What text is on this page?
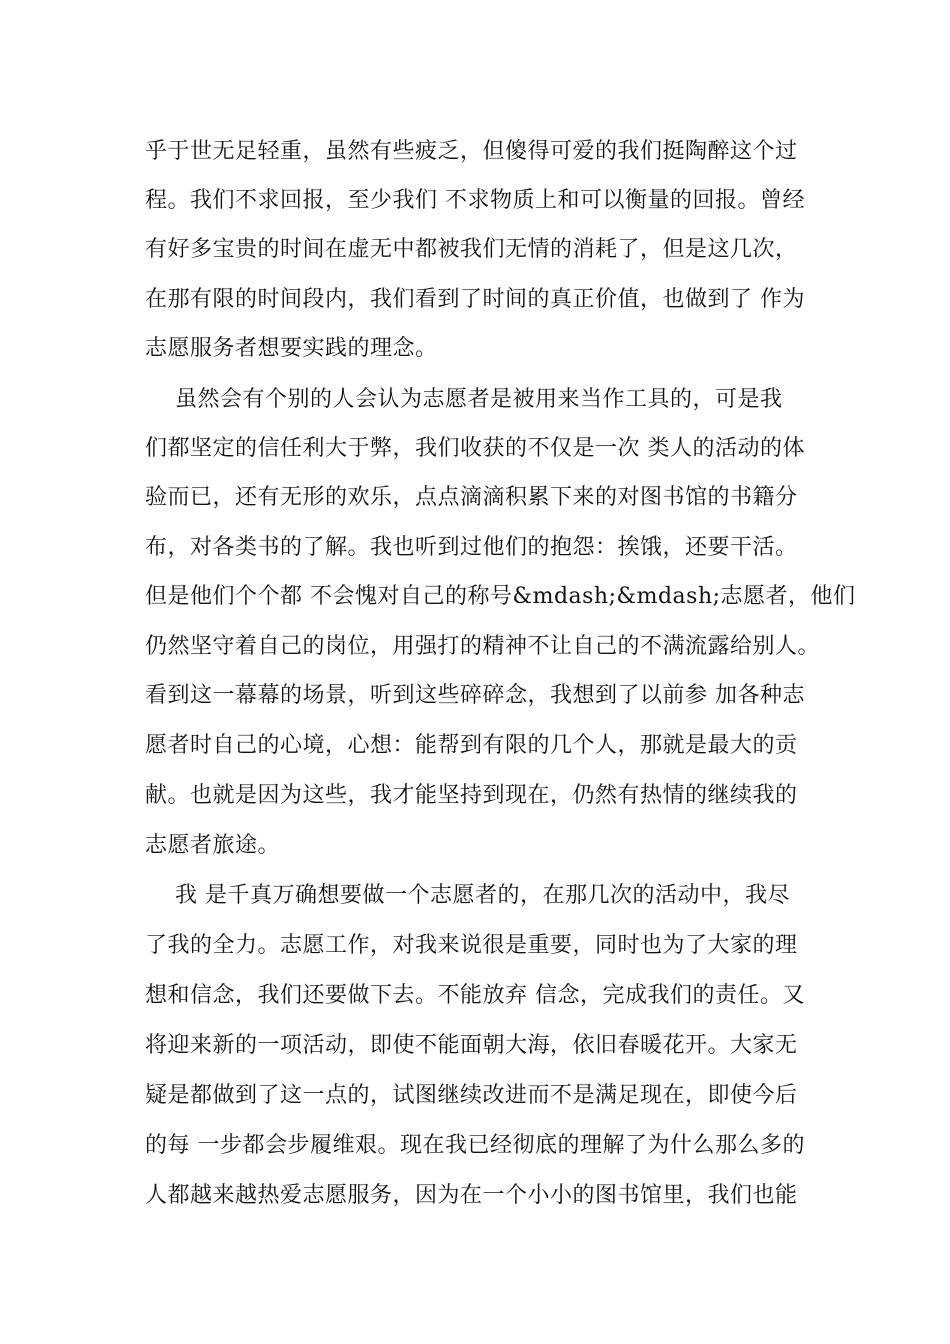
乎于世无足轻重，虽然有些疲乏，但傻得可爱的我们挺陶醉这个过
程。我们不求回报，至少我们 不求物质上和可以衡量的回报。曾经
有好多宝贵的时间在虚无中都被我们无情的消耗了，但是这几次，
在那有限的时间段内，我们看到了时间的真正价值，也做到了 作为
志愿服务者想要实践的理念。
虽然会有个别的人会认为志愿者是被用来当作工具的，可是我
们都坚定的信任利大于弊，我们收获的不仅是一次 类人的活动的体
验而已，还有无形的欢乐，点点滴滴积累下来的对图书馆的书籍分
布，对各类书的了解。我也听到过他们的抱怨：挨饿，还要干活。
但是他们个个都 不会愧对自己的称号&mdash;&mdash;志愿者，他们
仍然坚守着自己的岗位，用强打的精神不让自己的不满流露给别人。
看到这一幕幕的场景，听到这些碎碎念，我想到了以前参 加各种志
愿者时自己的心境，心想：能帮到有限的几个人，那就是最大的贡
献。也就是因为这些，我才能坚持到现在，仍然有热情的继续我的
志愿者旅途。
我 是千真万确想要做一个志愿者的，在那几次的活动中，我尽
了我的全力。志愿工作，对我来说很是重要，同时也为了大家的理
想和信念，我们还要做下去。不能放弃 信念，完成我们的责任。又
将迎来新的一项活动，即使不能面朝大海，依旧春暖花开。大家无
疑是都做到了这一点的，试图继续改进而不是满足现在，即使今后
的每 一步都会步履维艰。现在我已经彻底的理解了为什么那么多的
人都越来越热爱志愿服务，因为在一个小小的图书馆里，我们也能
